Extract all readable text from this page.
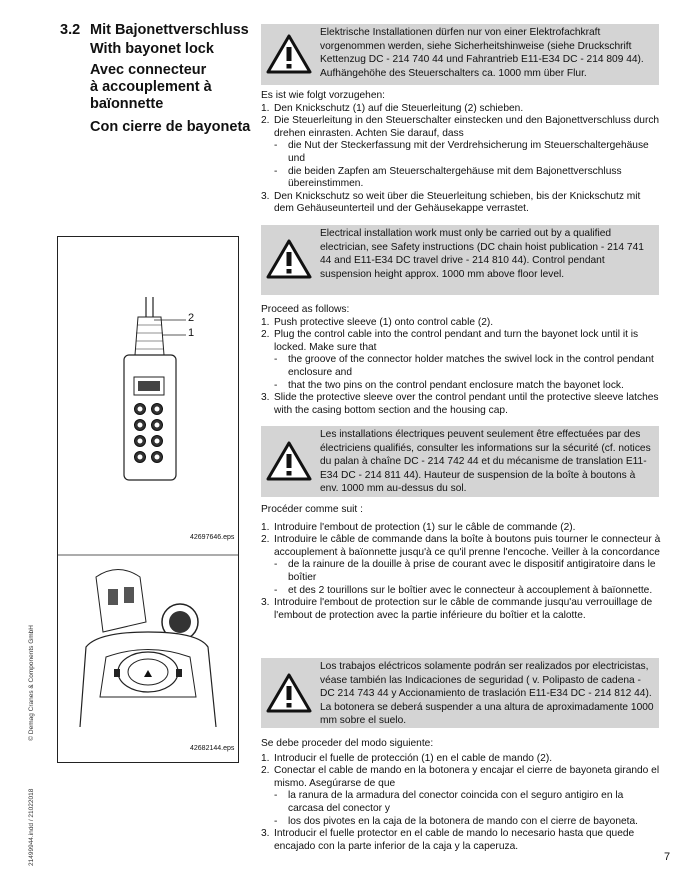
3.2 Mit Bajonettverschluss
With bayonet lock
Avec connecteur
à accouplement à
baïonnette
Con cierre de bayoneta
© Demag Cranes & Components GmbH
21499944.indd / 21022018
2
1
42697646.eps
42682144.eps
Elektrische Installationen dürfen nur von einer Elektrofachkraft vorgenommen werden, siehe Sicherheitshinweise (siehe Druckschrift Kettenzug DC - 214 740 44 und Fahrantrieb E11-E34 DC - 214 809 44). Aufhängehöhe des Steuerschalters ca. 1000 mm über Flur.
Es ist wie folgt vorzugehen:
1. Den Knickschutz (1) auf die Steuerleitung (2) schieben.
2. Die Steuerleitung in den Steuerschalter einstecken und den Bajonettverschluss durch drehen einrasten. Achten Sie darauf, dass
-	die Nut der Steckerfassung mit der Verdrehsicherung im Steuerschaltergehäuse und
-	die beiden Zapfen am Steuerschaltergehäuse mit dem Bajonettverschluss übereinstimmen.
3. Den Knickschutz so weit über die Steuerleitung schieben, bis der Knickschutz mit dem Gehäuseunterteil und der Gehäusekappe verrastet.
Electrical installation work must only be carried out by a qualified electrician, see Safety instructions (DC chain hoist publication - 214 741 44 and E11-E34 DC travel drive - 214 810 44). Control pendant suspension height approx. 1000 mm above floor level.
Proceed as follows:
1. Push protective sleeve (1) onto control cable (2).
2. Plug the control cable into the control pendant and turn the bayonet lock until it is locked. Make sure that
-	the groove of the connector holder matches the swivel lock in the control pendant enclosure and
-	that the two pins on the control pendant enclosure match the bayonet lock.
3. Slide the protective sleeve over the control pendant until the protective sleeve latches with the casing bottom section and the housing cap.
Les installations électriques peuvent seulement être effectuées par des électriciens qualifiés, consulter les informations sur la sécurité (cf. notices du palan à chaîne DC - 214 742 44 et du mécanisme de translation E11-E34 DC - 214 811 44). Hauteur de suspension de la boîte à boutons à env. 1000 mm au-dessus du sol.
Procéder comme suit :
1. Introduire l'embout de protection (1) sur le câble de commande (2).
2. Introduire le câble de commande dans la boîte à boutons puis tourner le connecteur à accouplement à baïonnette jusqu'à ce qu'il prenne l'encoche. Veiller à la concordance
-	de la rainure de la douille à prise de courant avec le dispositif antigiratoire dans le boîtier
-	et des 2 tourillons sur le boîtier avec le connecteur à accouplement à baïonnette.
3. Introduire l'embout de protection sur le câble de commande jusqu'au verrouillage de l'embout de protection avec la partie inférieure du boîtier et la calotte.
Los trabajos eléctricos solamente podrán ser realizados por electricistas, véase también las Indicaciones de seguridad ( v. Polipasto de cadena - DC 214 743 44 y Accionamiento de traslación E11-E34 DC - 214 812 44). La botonera se deberá suspender a una altura de aproximadamente 1000 mm sobre el suelo.
Se debe proceder del modo siguiente:
1. Introducir el fuelle de protección (1) en el cable de mando (2).
2. Conectar el cable de mando en la botonera y encajar el cierre de bayoneta girando el mismo. Asegúrarse de que
-	la ranura de la armadura del conector coincida con el seguro antigiro en la carcasa del conector y
-	los dos pivotes en la caja de la botonera de mando con el cierre de bayoneta.
3. Introducir el fuelle protector en el cable de mando lo necesario hasta que quede encajado con la parte inferior de la caja y la caperuza.
7
